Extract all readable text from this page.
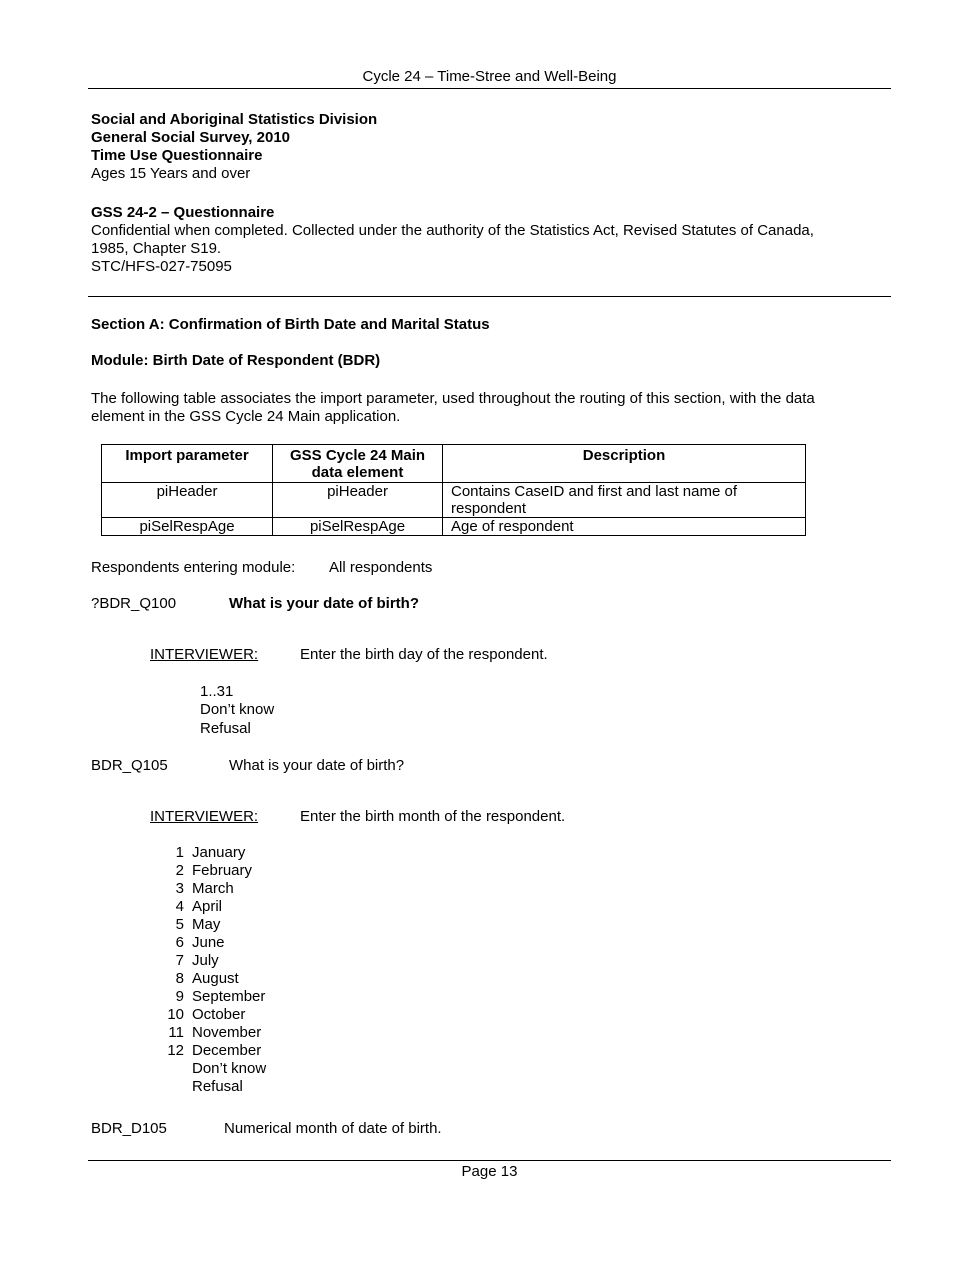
Cycle 24 – Time-Stree and Well-Being
Social and Aboriginal Statistics Division
General Social Survey, 2010
Time Use Questionnaire
Ages 15 Years and over
GSS 24-2 – Questionnaire
Confidential when completed. Collected under the authority of the Statistics Act, Revised Statutes of Canada,
1985, Chapter S19.
STC/HFS-027-75095
Section A: Confirmation of Birth Date and Marital Status
Module: Birth Date of Respondent (BDR)
The following table associates the import parameter, used throughout the routing of this section, with the data
element in the GSS Cycle 24 Main application.
Import parameter	GSS Cycle 24 Main data element	Description
piHeader	piHeader	Contains CaseID and first and last name of respondent
piSelRespAge	piSelRespAge	Age of respondent
Respondents entering module: All respondents
?BDR_Q100	What is your date of birth?
INTERVIEWER:	Enter the birth day of the respondent.
1..31
Don’t know
Refusal
BDR_Q105	What is your date of birth?
INTERVIEWER:	Enter the birth month of the respondent.
1 January
2 February
3 March
4 April
5 May
6 June
7 July
8 August
9 September
10 October
11 November
12 December
Don’t know
Refusal
BDR_D105	Numerical month of date of birth.
Page 13
